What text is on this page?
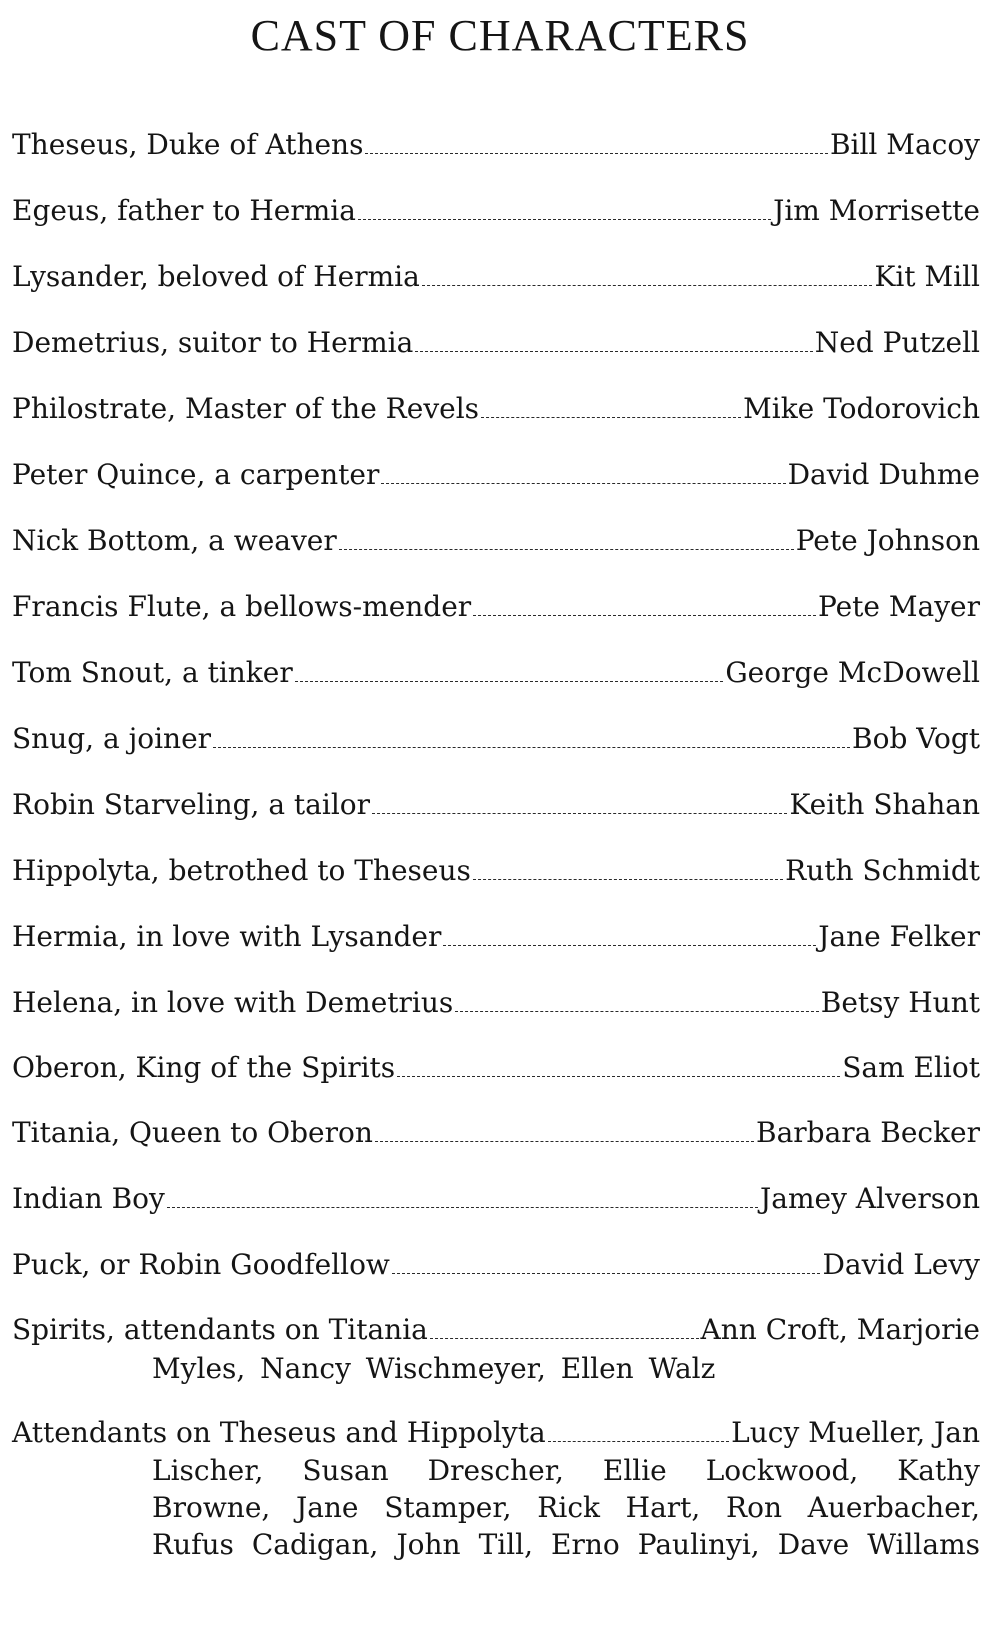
CAST OF CHARACTERS
Theseus, Duke of Athens	Bill Macoy
Egeus, father to Hermia	Jim Morrisette
Lysander, beloved of Hermia	Kit Mill
Demetrius, suitor to Hermia	Ned Putzell
Philostrate, Master of the Revels	Mike Todorovich
Peter Quince, a carpenter	David Duhme
Nick Bottom, a weaver	Pete Johnson
Francis Flute, a bellows-mender	Pete Mayer
Tom Snout, a tinker	George McDowell
Snug, a joiner	Bob Vogt
Robin Starveling, a tailor	Keith Shahan
Hippolyta, betrothed to Theseus	Ruth Schmidt
Hermia, in love with Lysander	Jane Felker
Helena, in love with Demetrius	Betsy Hunt
Oberon, King of the Spirits	Sam Eliot
Titania, Queen to Oberon	Barbara Becker
Indian Boy	Jamey Alverson
Puck, or Robin Goodfellow	David Levy
Spirits, attendants on Titania	Ann Croft, Marjorie
Myles, Nancy Wischmeyer, Ellen Walz
Attendants on Theseus and Hippolyta	Lucy Mueller, Jan
Lischer, Susan Drescher, Ellie Lockwood, Kathy
Browne, Jane Stamper, Rick Hart, Ron Auerbacher,
Rufus Cadigan, John Till, Erno Paulinyi, Dave Willams
